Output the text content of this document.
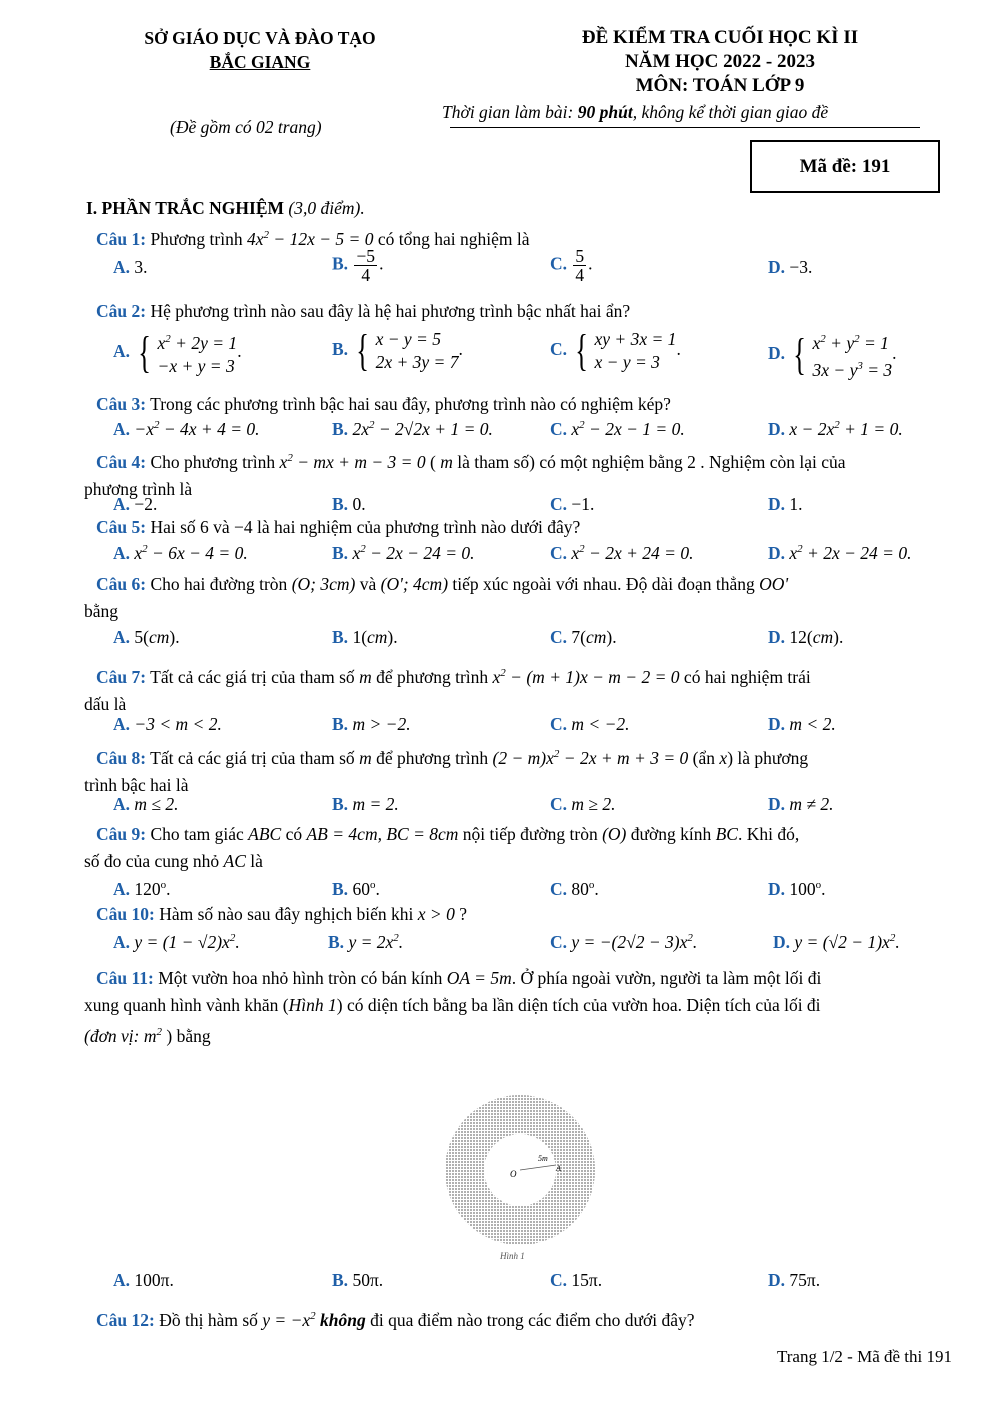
SỞ GIÁO DỤC VÀ ĐÀO TẠO
BẮC GIANG
ĐỀ KIỂM TRA CUỐI HỌC KÌ II
NĂM HỌC 2022 - 2023
MÔN: TOÁN LỚP 9
(Đề gồm có 02 trang)
Thời gian làm bài: 90 phút, không kể thời gian giao đề
Mã đề: 191
I. PHẦN TRẮC NGHIỆM (3,0 điểm).
Câu 1: Phương trình $4x^2 - 12x - 5 = 0$ có tổng hai nghiệm là
A. 3.	B. $\frac{-5}{4}$ .	C. $\frac{5}{4}$ .	D. −3.
Câu 2: Hệ phương trình nào sau đây là hệ hai phương trình bậc nhất hai ẩn?
A. { $x^2 + 2y = 1$
−x + y = 3
.	B. { x − y = 5
2x + 3y = 7
.	C. { xy + 3x = 1
x − y = 3
.	D. { $x^2 + y^2 = 1$
$3x - y^3 = 3$
.
Câu 3: Trong các phương trình bậc hai sau đây, phương trình nào có nghiệm kép?
A. $-x^2 - 4x + 4 = 0$.	B. $2x^2 - 2√2x + 1 = 0$.	C. $x^2 - 2x - 1 = 0$.	D. $x - 2x^2 + 1 = 0$.
Câu 4: Cho phương trình $x^2$ − mx + m − 3 = 0 ( m là tham số) có một nghiệm bằng 2 . Nghiệm còn lại của
phương trình là
A. −2.	B. 0.	C. −1.	D. 1.
Câu 5: Hai số 6 và −4 là hai nghiệm của phương trình nào dưới đây?
A. $x^2 - 6x - 4 = 0$.	B. $x^2 - 2x - 24 = 0$.	C. $x^2 - 2x + 24 = 0$.	D. $x^2 + 2x - 24 = 0$.
Câu 6: Cho hai đường tròn (O; 3cm) và (O'; 4cm) tiếp xúc ngoài với nhau. Độ dài đoạn thẳng OO'
bằng
A. 5(cm).	B. 1(cm).	C. 7(cm).	D. 12(cm).
Câu 7: Tất cả các giá trị của tham số m để phương trình $x^2 - (m + 1)x - m - 2 = 0$ có hai nghiệm trái
dấu là
A. −3 < m < 2.	B. m > −2.	C. m < −2.	D. m < 2.
Câu 8: Tất cả các giá trị của tham số m để phương trình $(2 - m)x^2 - 2x + m + 3 = 0$ (ẩn x) là phương
trình bậc hai là
A. m ≤ 2.	B. m = 2.	C. m ≥ 2.	D. m ≠ 2.
Câu 9: Cho tam giác ABC có AB = 4cm, BC = 8cm nội tiếp đường tròn (O) đường kính BC. Khi đó,
số đo của cung nhỏ AC là
A. 120$^o$.	B. 60$^o$.	C. 80$^o$.	D. 100$^o$.
Câu 10: Hàm số nào sau đây nghịch biến khi x > 0 ?
A. $y = (1 - √2)x^2$.	B. $y = 2x^2$.	C. $y = -(2√2 - 3)x^2$.	D. $y = (√2 - 1)x^2$.
Câu 11: Một vườn hoa nhỏ hình tròn có bán kính OA = 5m. Ở phía ngoài vườn, người ta làm một lối đi
xung quanh hình vành khăn (Hình 1) có diện tích bằng ba lần diện tích của vườn hoa. Diện tích của lối đi
(đơn vị: $m^2$ ) bằng
O
A
5m
Hình 1
A. 100π.	B. 50π.	C. 15π.	D. 75π.
Câu 12: Đồ thị hàm số $y = -x^2$ không đi qua điểm nào trong các điểm cho dưới đây?
Trang 1/2 - Mã đề thi 191
